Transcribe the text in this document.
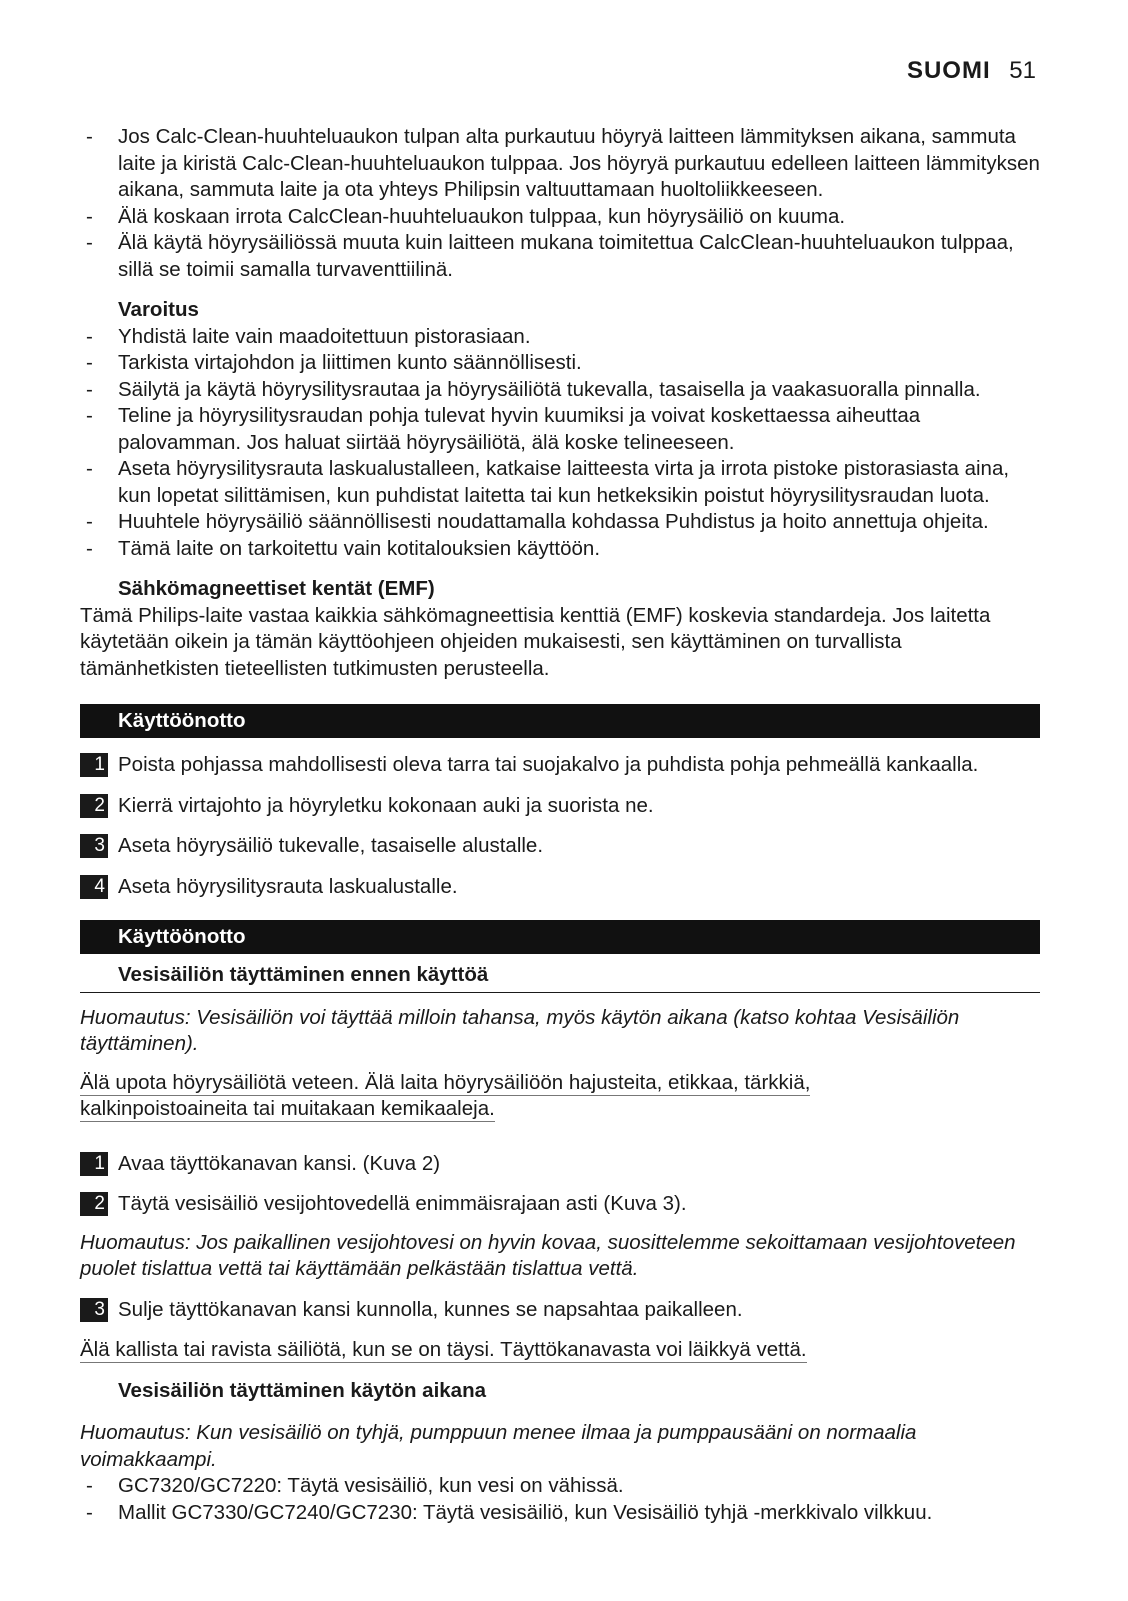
SUOMI 51
- Jos Calc-Clean-huuhteluaukon tulpan alta purkautuu höyryä laitteen lämmityksen aikana, sammuta laite ja kiristä Calc-Clean-huuhteluaukon tulppaa. Jos höyryä purkautuu edelleen laitteen lämmityksen aikana, sammuta laite ja ota yhteys Philipsin valtuuttamaan huoltoliikkeeseen.
- Älä koskaan irrota CalcClean-huuhteluaukon tulppaa, kun höyrysäiliö on kuuma.
- Älä käytä höyrysäiliössä muuta kuin laitteen mukana toimitettua CalcClean-huuhteluaukon tulppaa, sillä se toimii samalla turvaventtiilinä.
Varoitus
- Yhdistä laite vain maadoitettuun pistorasiaan.
- Tarkista virtajohdon ja liittimen kunto säännöllisesti.
- Säilytä ja käytä höyrysilitysrautaa ja höyrysäiliötä tukevalla, tasaisella ja vaakasuoralla pinnalla.
- Teline ja höyrysilitysraudan pohja tulevat hyvin kuumiksi ja voivat koskettaessa aiheuttaa palovamman. Jos haluat siirtää höyrysäiliötä, älä koske telineeseen.
- Aseta höyrysilitysrauta laskualustalleen, katkaise laitteesta virta ja irrota pistoke pistorasiasta aina, kun lopetat silittämisen, kun puhdistat laitetta tai kun hetkeksikin poistut höyrysilitysraudan luota.
- Huuhtele höyrysäiliö säännöllisesti noudattamalla kohdassa Puhdistus ja hoito annettuja ohjeita.
- Tämä laite on tarkoitettu vain kotitalouksien käyttöön.
Sähkömagneettiset kentät (EMF)

Tämä Philips-laite vastaa kaikkia sähkömagneettisia kenttiä (EMF) koskevia standardeja. Jos laitetta käytetään oikein ja tämän käyttöohjeen ohjeiden mukaisesti, sen käyttäminen on turvallista tämänhetkisten tieteellisten tutkimusten perusteella.

Käyttöönotto
1 Poista pohjassa mahdollisesti oleva tarra tai suojakalvo ja puhdista pohja pehmeällä kankaalla.
2 Kierrä virtajohto ja höyryletku kokonaan auki ja suorista ne.
3 Aseta höyrysäiliö tukevalle, tasaiselle alustalle.
4 Aseta höyrysilitysrauta laskualustalle.
Käyttöönotto
Vesisäiliön täyttäminen ennen käyttöä
Huomautus: Vesisäiliön voi täyttää milloin tahansa, myös käytön aikana (katso kohtaa Vesisäiliön täyttäminen).
Älä upota höyrysäiliötä veteen. Älä laita höyrysäiliöön hajusteita, etikkaa, tärkkiä,
kalkinpoistoaineita tai muitakaan kemikaaleja.
1 Avaa täyttökanavan kansi. (Kuva 2)
2 Täytä vesisäiliö vesijohtovedellä enimmäisrajaan asti (Kuva 3).
Huomautus: Jos paikallinen vesijohtovesi on hyvin kovaa, suosittelemme sekoittamaan vesijohtoveteen puolet tislattua vettä tai käyttämään pelkästään tislattua vettä.
3 Sulje täyttökanavan kansi kunnolla, kunnes se napsahtaa paikalleen.
Älä kallista tai ravista säiliötä, kun se on täysi. Täyttökanavasta voi läikkyä vettä.
Vesisäiliön täyttäminen käytön aikana
Huomautus: Kun vesisäiliö on tyhjä, pumppuun menee ilmaa ja pumppausääni on normaalia voimakkaampi.
- GC7320/GC7220: Täytä vesisäiliö, kun vesi on vähissä.
- Mallit GC7330/GC7240/GC7230: Täytä vesisäiliö, kun Vesisäiliö tyhjä -merkkivalo vilkkuu.
